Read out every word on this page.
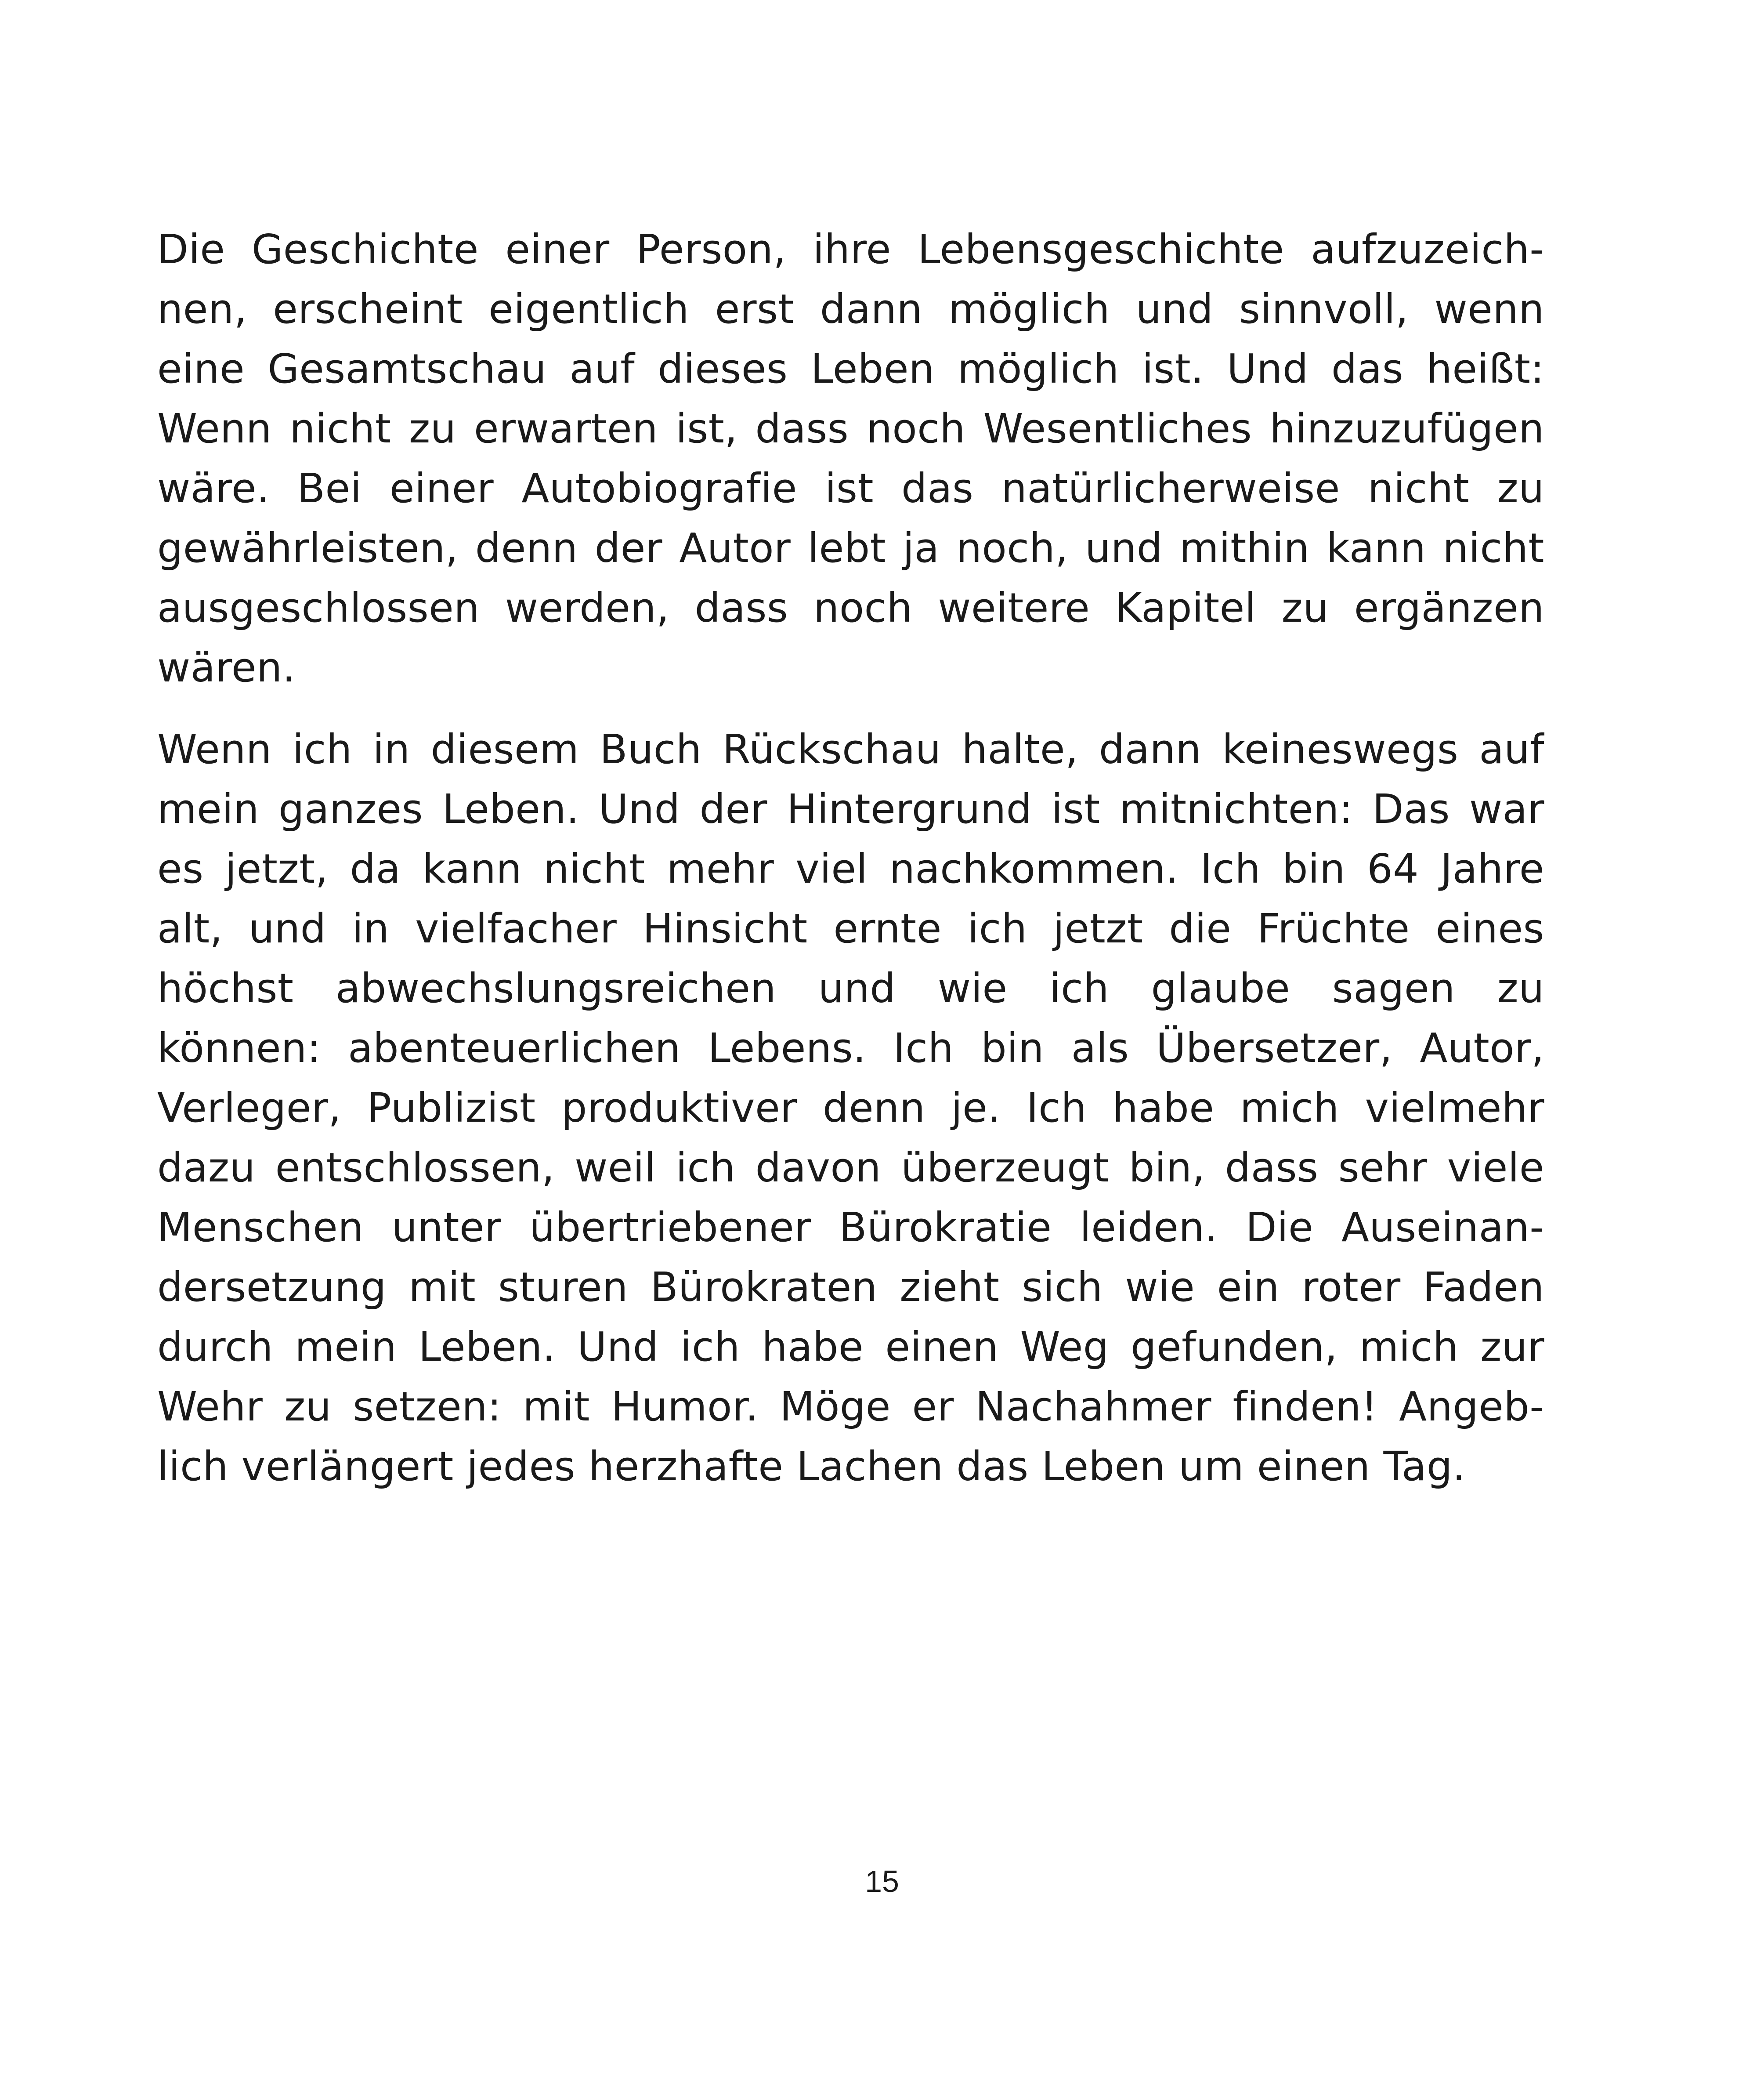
Die Geschichte einer Person, ihre Lebensgeschichte aufzuzeich-
nen, erscheint eigentlich erst dann möglich und sinnvoll, wenn
eine Gesamtschau auf dieses Leben möglich ist. Und das heißt:
Wenn nicht zu erwarten ist, dass noch Wesentliches hinzuzufügen
wäre. Bei einer Autobiografie ist das natürlicherweise nicht zu
gewährleisten, denn der Autor lebt ja noch, und mithin kann nicht
ausgeschlossen werden, dass noch weitere Kapitel zu ergänzen
wären.
Wenn ich in diesem Buch Rückschau halte, dann keineswegs auf
mein ganzes Leben. Und der Hintergrund ist mitnichten: Das war
es jetzt, da kann nicht mehr viel nachkommen. Ich bin 64 Jahre
alt, und in vielfacher Hinsicht ernte ich jetzt die Früchte eines
höchst abwechslungsreichen und wie ich glaube sagen zu
können: abenteuerlichen Lebens. Ich bin als Übersetzer, Autor,
Verleger, Publizist produktiver denn je. Ich habe mich vielmehr
dazu entschlossen, weil ich davon überzeugt bin, dass sehr viele
Menschen unter übertriebener Bürokratie leiden. Die Auseinan-
dersetzung mit sturen Bürokraten zieht sich wie ein roter Faden
durch mein Leben. Und ich habe einen Weg gefunden, mich zur
Wehr zu setzen: mit Humor. Möge er Nachahmer finden! Angeb-
lich verlängert jedes herzhafte Lachen das Leben um einen Tag.
15
